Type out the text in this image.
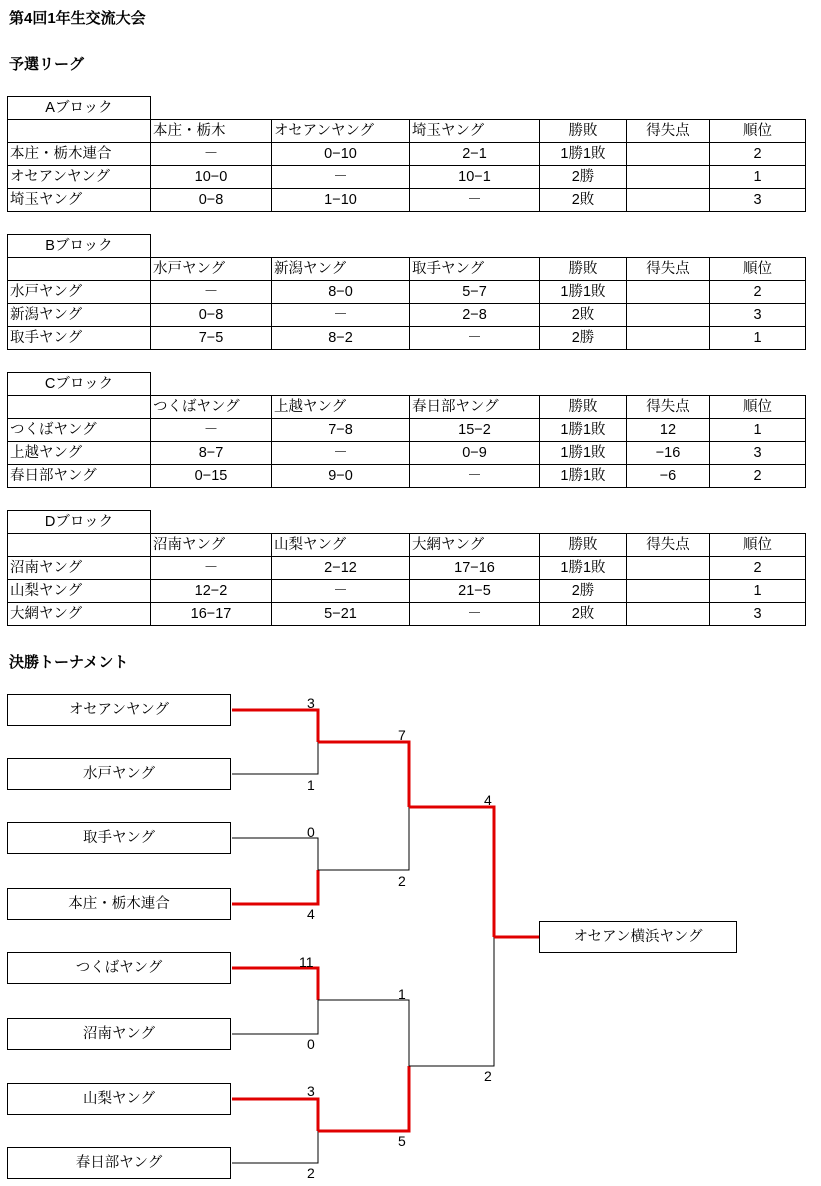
第4回1年生交流大会
予選リーグ
Aブロック						
	本庄・栃木	オセアンヤング	埼玉ヤング	勝敗	得失点	順位
本庄・栃木連合	－	0−10	2−1	1勝1敗		2
オセアンヤング	10−0	－	10−1	2勝		1
埼玉ヤング	0−8	1−10	－	2敗		3
Bブロック						
	水戸ヤング	新潟ヤング	取手ヤング	勝敗	得失点	順位
水戸ヤング	－	8−0	5−7	1勝1敗		2
新潟ヤング	0−8	－	2−8	2敗		3
取手ヤング	7−5	8−2	－	2勝		1
Cブロック						
	つくばヤング	上越ヤング	春日部ヤング	勝敗	得失点	順位
つくばヤング	－	7−8	15−2	1勝1敗	12	1
上越ヤング	8−7	－	0−9	1勝1敗	−16	3
春日部ヤング	0−15	9−0	－	1勝1敗	−6	2
Dブロック						
	沼南ヤング	山梨ヤング	大網ヤング	勝敗	得失点	順位
沼南ヤング	－	2−12	17−16	1勝1敗		2
山梨ヤング	12−2	－	21−5	2勝		1
大網ヤング	16−17	5−21	－	2敗		3
決勝トーナメント
オセアンヤング
水戸ヤング
取手ヤング
本庄・栃木連合
つくばヤング
沼南ヤング
山梨ヤング
春日部ヤング
オセアン横浜ヤング
3
1
0
4
11
0
3
2
7
2
1
5
4
2
